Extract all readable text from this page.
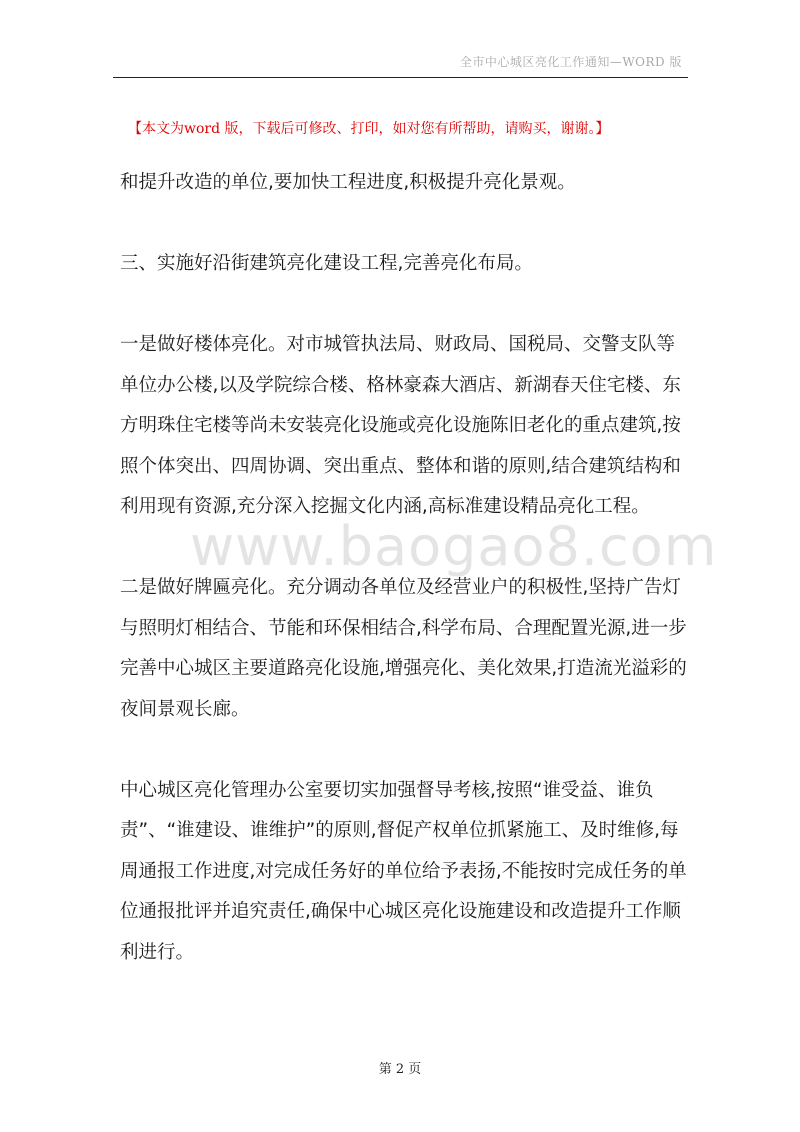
全市中心城区亮化工作通知—WORD 版
【本文为word 版，下载后可修改、打印，如对您有所帮助，请购买，谢谢。】

和提升改造的单位,要加快工程进度,积极提升亮化景观。

三、实施好沿街建筑亮化建设工程,完善亮化布局。

一是做好楼体亮化。对市城管执法局、财政局、国税局、交警支队等单位办公楼,以及学院综合楼、格林豪森大酒店、新湖春天住宅楼、东方明珠住宅楼等尚未安装亮化设施或亮化设施陈旧老化的重点建筑,按照个体突出、四周协调、突出重点、整体和谐的原则,结合建筑结构和利用现有资源,充分深入挖掘文化内涵,高标准建设精品亮化工程。

二是做好牌匾亮化。充分调动各单位及经营业户的积极性,坚持广告灯与照明灯相结合、节能和环保相结合,科学布局、合理配置光源,进一步完善中心城区主要道路亮化设施,增强亮化、美化效果,打造流光溢彩的夜间景观长廊。

中心城区亮化管理办公室要切实加强督导考核,按照“谁受益、谁负责”、“谁建设、谁维护”的原则,督促产权单位抓紧施工、及时维修,每周通报工作进度,对完成任务好的单位给予表扬,不能按时完成任务的单位通报批评并追究责任,确保中心城区亮化设施建设和改造提升工作顺利进行。

www.baogao8.com
第 2 页
